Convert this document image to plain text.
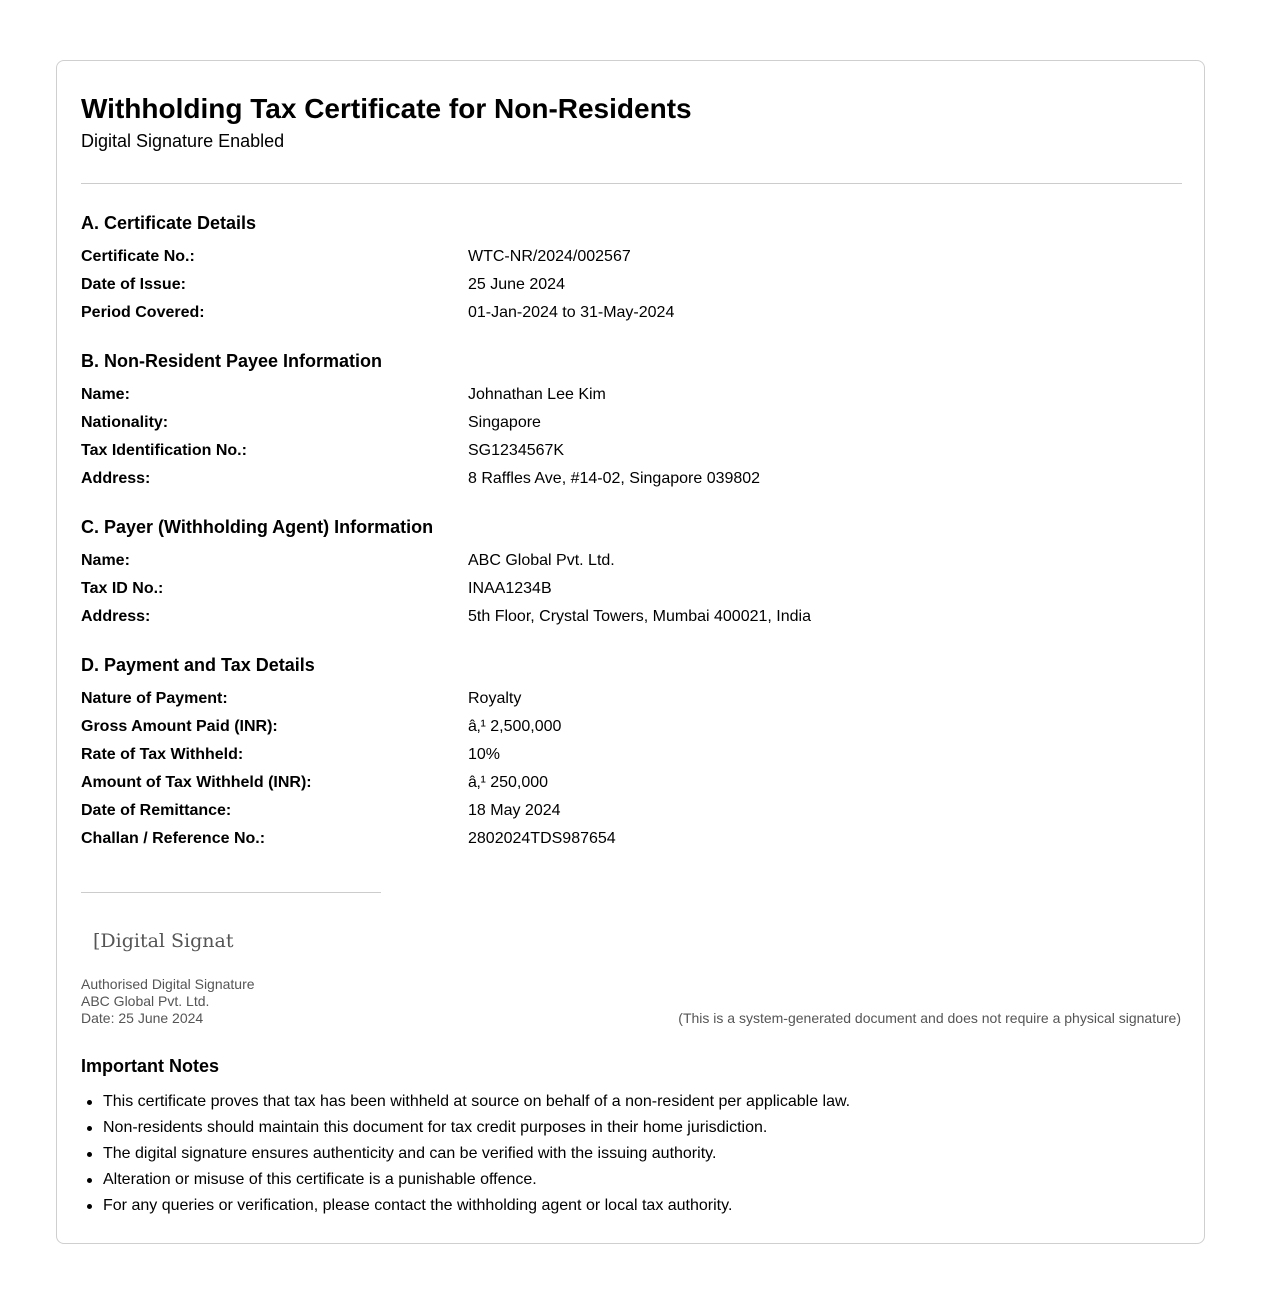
Withholding Tax Certificate for Non-Residents
Digital Signature Enabled
A. Certificate Details
Certificate No.:	WTC-NR/2024/002567
Date of Issue:	25 June 2024
Period Covered:	01-Jan-2024 to 31-May-2024
B. Non-Resident Payee Information
Name:	Johnathan Lee Kim
Nationality:	Singapore
Tax Identification No.:	SG1234567K
Address:	8 Raffles Ave, #14-02, Singapore 039802
C. Payer (Withholding Agent) Information
Name:	ABC Global Pvt. Ltd.
Tax ID No.:	INAA1234B
Address:	5th Floor, Crystal Towers, Mumbai 400021, India
D. Payment and Tax Details
Nature of Payment:	Royalty
Gross Amount Paid (INR):	â‚¹ 2,500,000
Rate of Tax Withheld:	10%
Amount of Tax Withheld (INR):	â‚¹ 250,000
Date of Remittance:	18 May 2024
Challan / Reference No.:	2802024TDS987654
[Digital Signat
Authorised Digital Signature
ABC Global Pvt. Ltd.
Date: 25 June 2024	(This is a system-generated document and does not require a physical signature)
Important Notes
This certificate proves that tax has been withheld at source on behalf of a non-resident per applicable law.
Non-residents should maintain this document for tax credit purposes in their home jurisdiction.
The digital signature ensures authenticity and can be verified with the issuing authority.
Alteration or misuse of this certificate is a punishable offence.
For any queries or verification, please contact the withholding agent or local tax authority.
